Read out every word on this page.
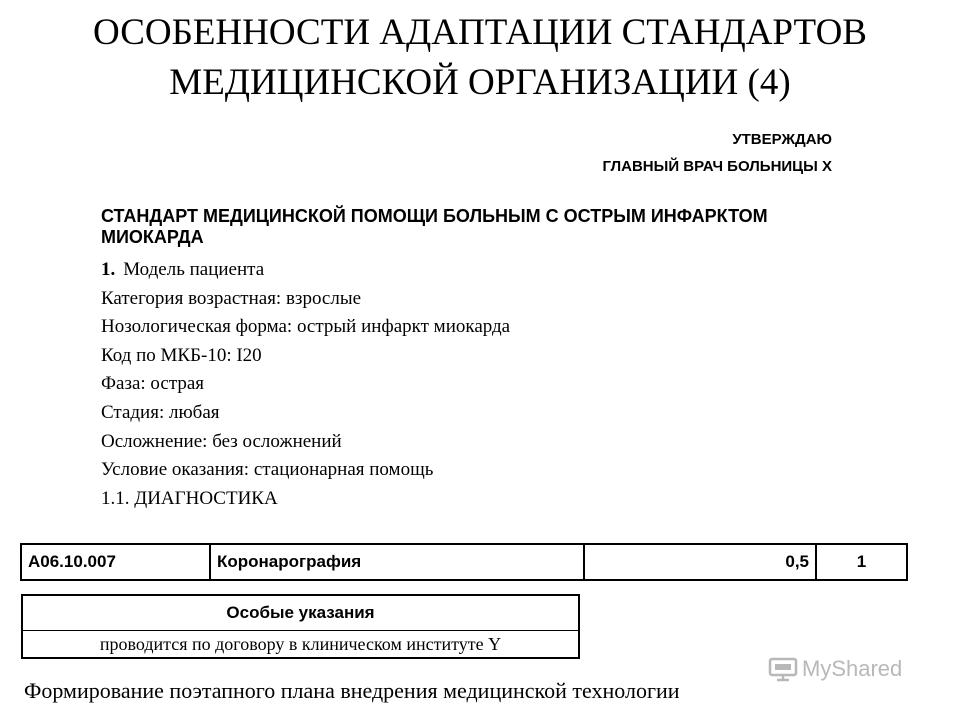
ОСОБЕННОСТИ АДАПТАЦИИ СТАНДАРТОВ
МЕДИЦИНСКОЙ ОРГАНИЗАЦИИ (4)
УТВЕРЖДАЮ
ГЛАВНЫЙ ВРАЧ БОЛЬНИЦЫ Х
СТАНДАРТ МЕДИЦИНСКОЙ ПОМОЩИ БОЛЬНЫМ С ОСТРЫМ ИНФАРКТОМ МИОКАРДА
1. Модель пациента
Категория возрастная: взрослые
Нозологическая форма: острый инфаркт миокарда
Код по МКБ-10: I20
Фаза: острая
Стадия: любая
Осложнение: без осложнений
Условие оказания: стационарная помощь
1.1. ДИАГНОСТИКА
А06.10.007	Коронарография	0,5	1
Особые указания
проводится по договору в клиническом институте Y
Формирование поэтапного плана внедрения медицинской технологии
MyShared
